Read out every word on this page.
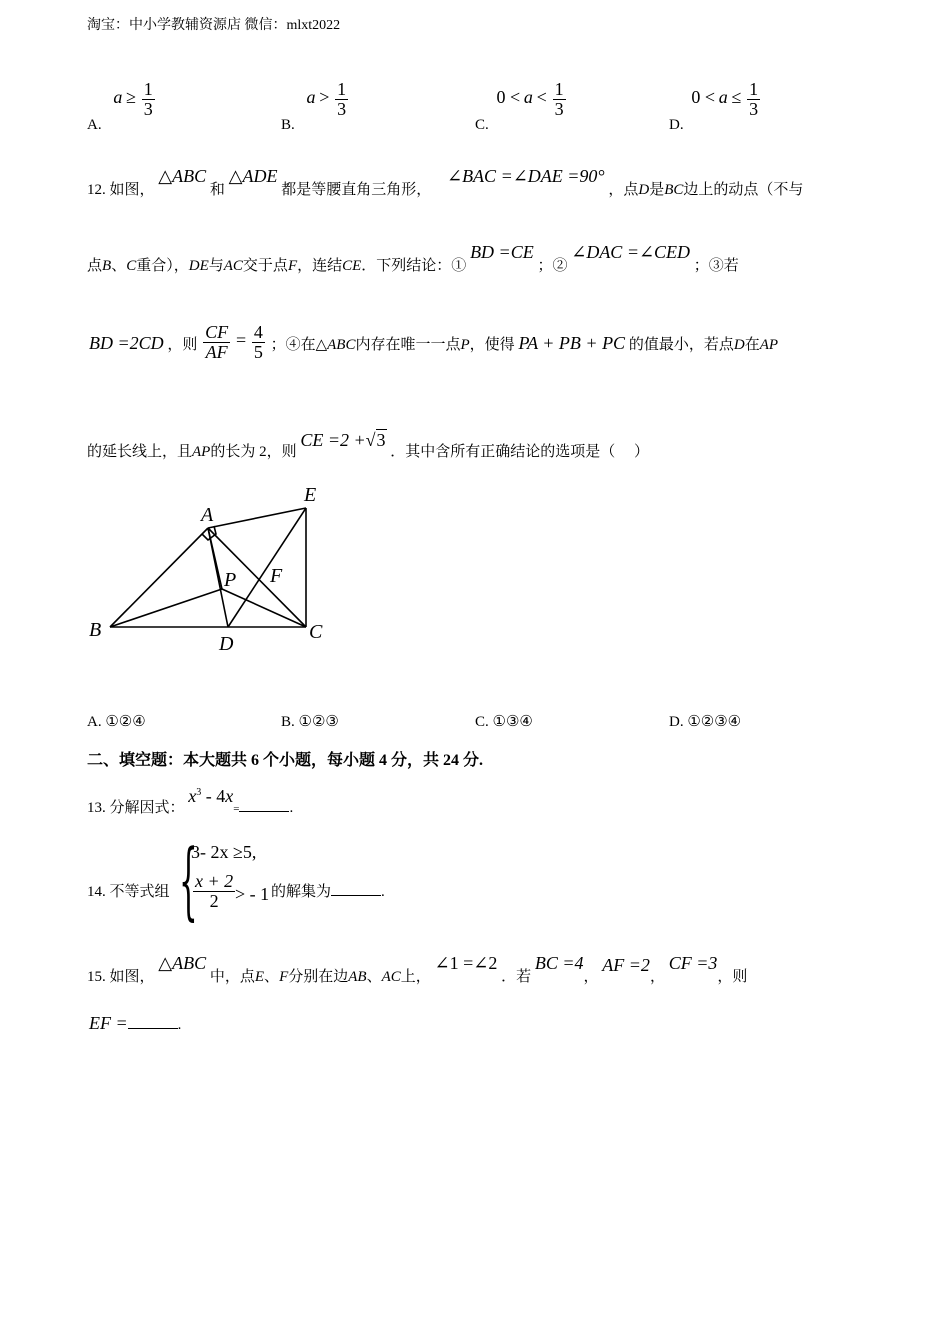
淘宝：中小学教辅资源店 微信：mlxt2022
A. $a \ge \frac{1}{3}$
B. $a > \frac{1}{3}$
C. $0 < a < \frac{1}{3}$
D. $0 < a \le \frac{1}{3}$
12. 如图， △ABC 和 △ADE 都是等腰直角三角形， ∠BAC =∠DAE =90° ，点D是BC边上的动点（不与
点B、C重合），DE与AC交于点F，连结CE．下列结论：① BD =CE ；② ∠DAC =∠CED ；③若
BD =2CD ，则 $\frac{CF}{AF} = \frac{4}{5}$ ；④在△ABC内存在唯一一点P，使得 PA + PB + PC 的值最小，若点D在AP
的延长线上，且AP的长为 2，则 CE =2 +√3 ．其中含所有正确结论的选项是（　 ）
A
E
P F
B
D
C
A. ①②④	B. ①②③	C. ①③④	D. ①②③④
二、填空题：本大题共 6 个小题，每小题 4 分，共 24 分.
13. 分解因式： $x^3 - 4x=$	.
14. 不等式组 {
3- 2x ≥5,
$\frac{x + 2}{2}$ > - 1 的解集为	.
15. 如图， △ABC 中，点E、F分别在边AB、AC上， ∠1 =∠2 ．若 BC =4， AF =2， CF =3，则
EF =	.
